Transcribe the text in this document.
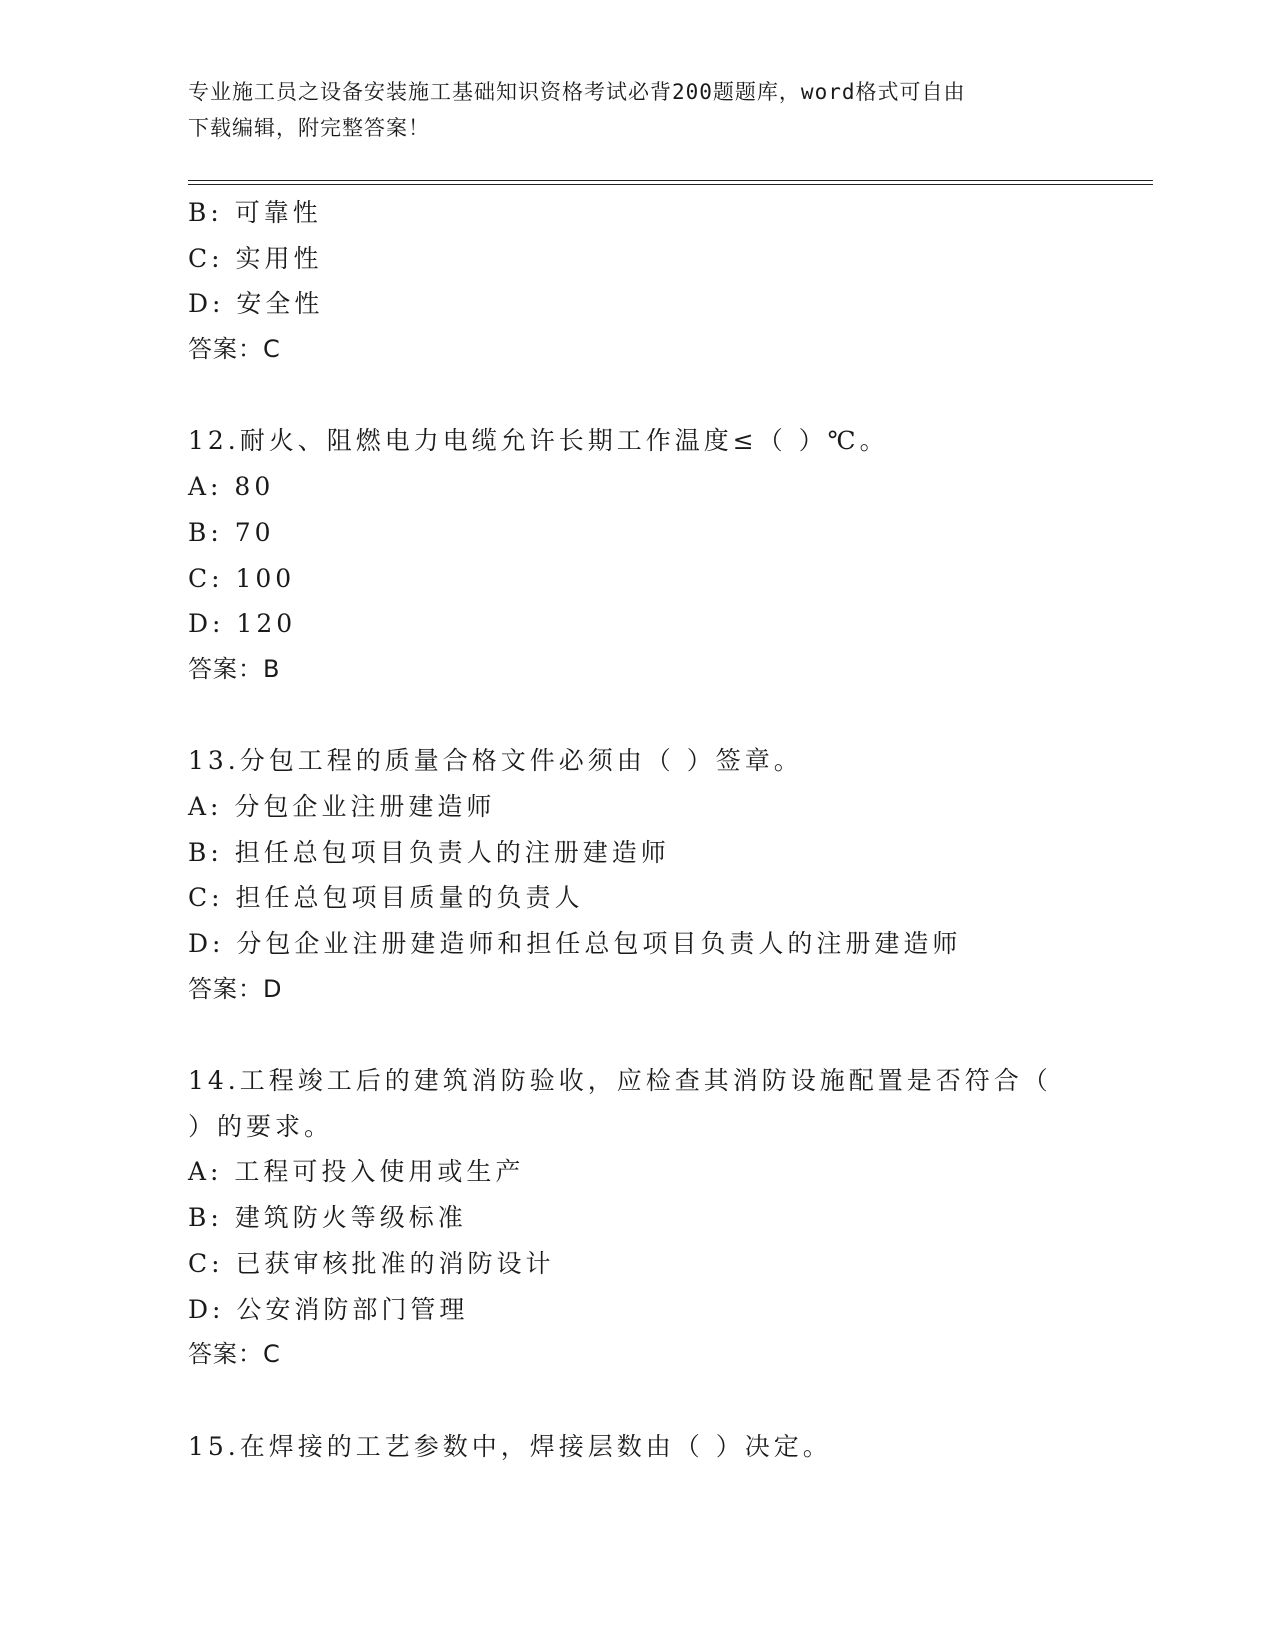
专业施工员之设备安装施工基础知识资格考试必背200题题库，word格式可自由
下载编辑，附完整答案！
B: 可靠性
C: 实用性
D: 安全性
答案：C
12.耐火、阻燃电力电缆允许长期工作温度≤（ ）℃。
A: 80
B: 70
C: 100
D: 120
答案：B
13.分包工程的质量合格文件必须由（ ）签章。
A: 分包企业注册建造师
B: 担任总包项目负责人的注册建造师
C: 担任总包项目质量的负责人
D: 分包企业注册建造师和担任总包项目负责人的注册建造师
答案：D
14.工程竣工后的建筑消防验收，应检查其消防设施配置是否符合（
）的要求。
A: 工程可投入使用或生产
B: 建筑防火等级标准
C: 已获审核批准的消防设计
D: 公安消防部门管理
答案：C
15.在焊接的工艺参数中，焊接层数由（ ）决定。
